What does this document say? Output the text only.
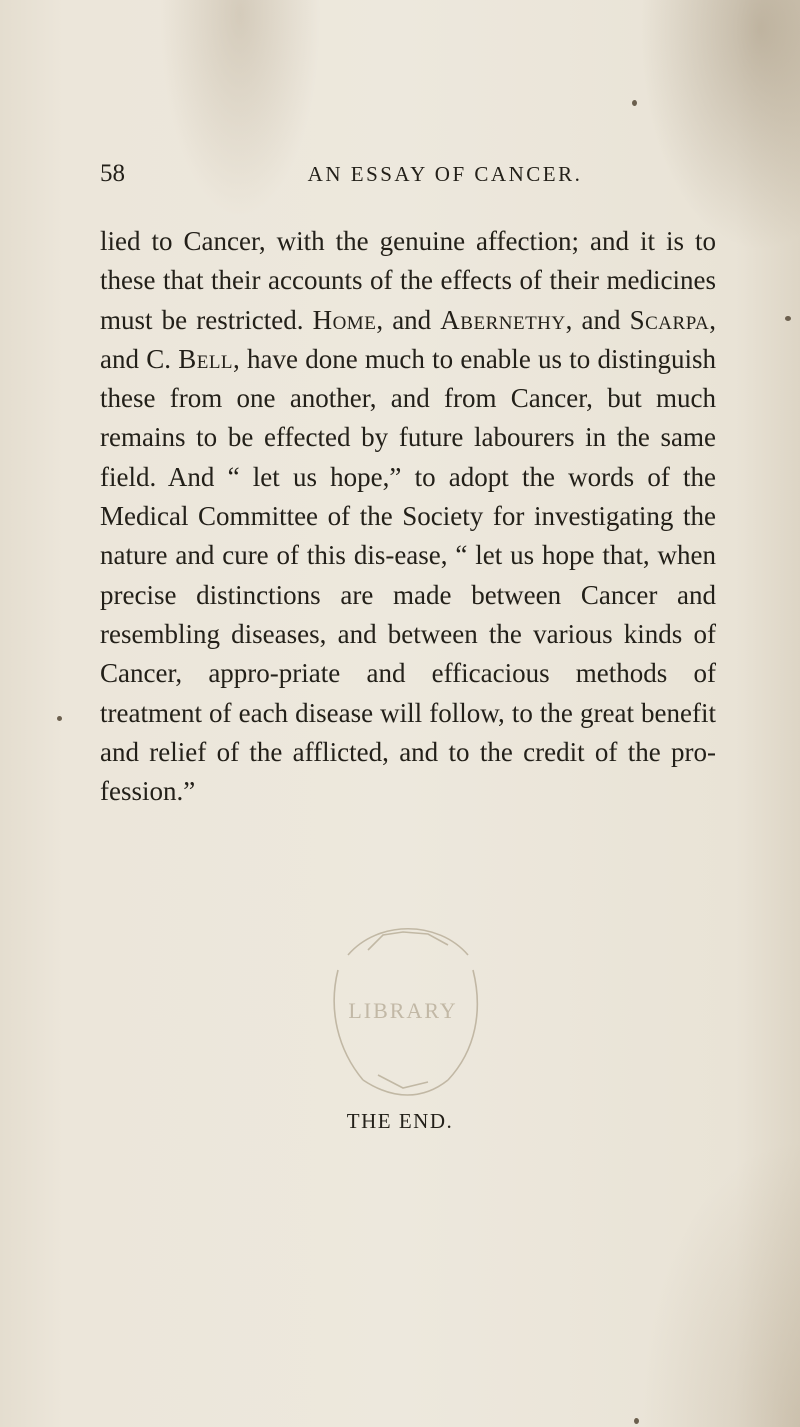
58	AN ESSAY OF CANCER.

lied to Cancer, with the genuine affection; and it is to these that their accounts of the effects of their medicines must be restricted. Home, and Abernethy, and Scarpa, and C. Bell, have done much to enable us to distinguish these from one another, and from Cancer, but much remains to be effected by future labourers in the same field. And “ let us hope,” to adopt the words of the Medical Committee of the Society for investigating the nature and cure of this dis-ease, “ let us hope that, when precise distinctions are made between Cancer and resembling diseases, and between the various kinds of Cancer, appro-priate and efficacious methods of treatment of each disease will follow, to the great benefit and relief of the afflicted, and to the credit of the pro-fession.”

LIBRARY
THE END.
